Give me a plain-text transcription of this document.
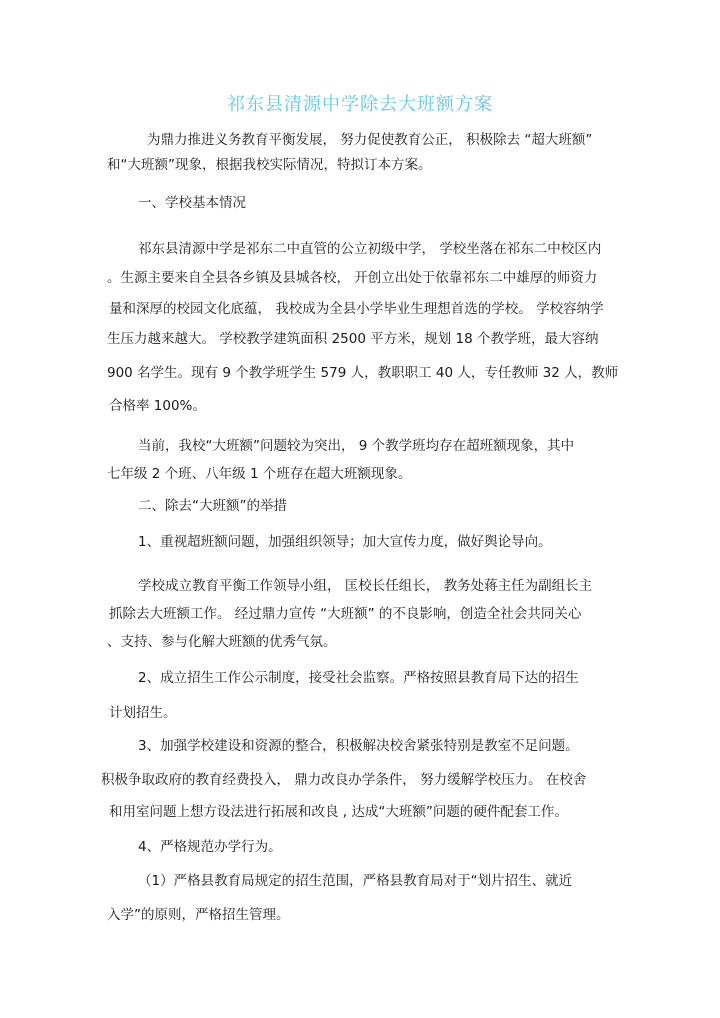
祁东县清源中学除去大班额方案
为鼎力推进义务教育平衡发展， 努力促使教育公正， 积极除去 “超大班额”
和“大班额”现象，根据我校实际情况，特拟订本方案。
一、学校基本情况
祁东县清源中学是祁东二中直管的公立初级中学， 学校坐落在祁东二中校区内
。生源主要来自全县各乡镇及县城各校， 开创立出处于依靠祁东二中雄厚的师资力
量和深厚的校园文化底蕴， 我校成为全县小学毕业生理想首选的学校。 学校容纳学
生压力越来越大。 学校教学建筑面积 2500 平方米，规划 18 个教学班，最大容纳
900 名学生。现有 9 个教学班学生 579 人，教职职工 40 人，专任教师 32 人，教师
合格率 100%。
当前，我校“大班额”问题较为突出， 9 个教学班均存在超班额现象，其中
七年级 2 个班、八年级 1 个班存在超大班额现象。
二、除去“大班额”的举措
1、重视超班额问题，加强组织领导；加大宣传力度，做好舆论导向。
学校成立教育平衡工作领导小组， 匡校长任组长， 教务处蒋主任为副组长主
抓除去大班额工作。 经过鼎力宣传 “大班额” 的不良影响，创造全社会共同关心
、支持、参与化解大班额的优秀气氛。
2、成立招生工作公示制度，接受社会监察。严格按照县教育局下达的招生
计划招生。
3、加强学校建设和资源的整合，积极解决校舍紧张特别是教室不足问题。
积极争取政府的教育经费投入， 鼎力改良办学条件， 努力缓解学校压力。 在校舍
和用室问题上想方设法进行拓展和改良 , 达成“大班额”问题的硬件配套工作。
4、严格规范办学行为。
（1）严格县教育局规定的招生范围，严格县教育局对于“划片招生、就近
入学”的原则，严格招生管理。
